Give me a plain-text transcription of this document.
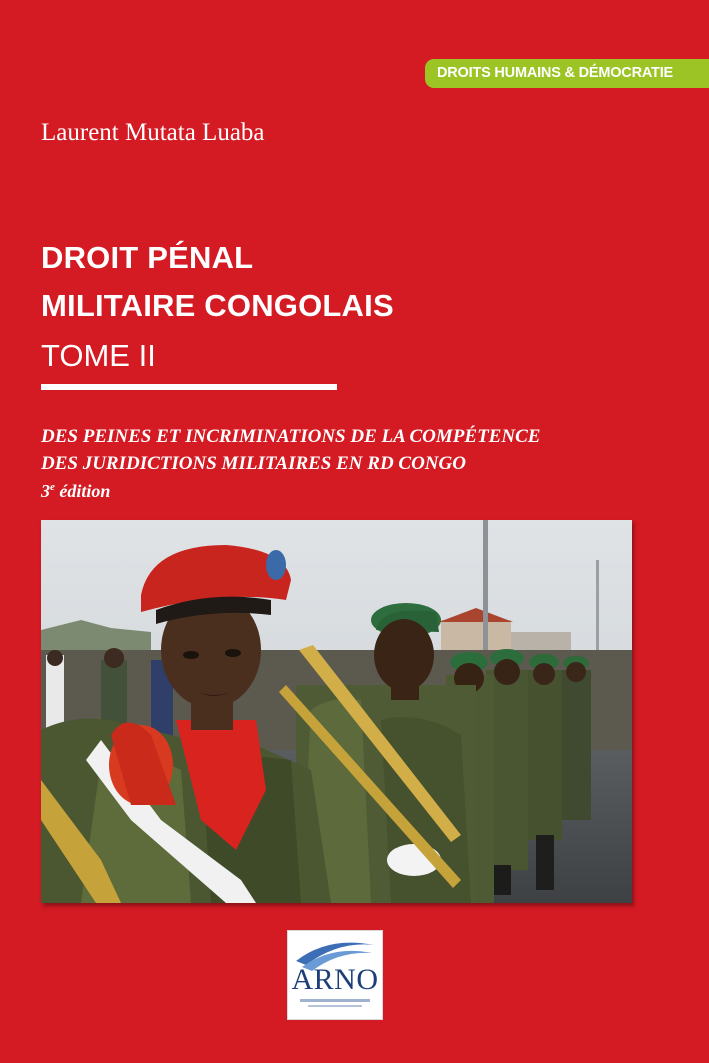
DROITS HUMAINS & DÉMOCRATIE
Laurent Mutata Luaba
DROIT PÉNAL
MILITAIRE CONGOLAIS
TOME II
DES PEINES ET INCRIMINATIONS DE LA COMPÉTENCE
DES JURIDICTIONS MILITAIRES EN RD CONGO
3e édition
ARNO
